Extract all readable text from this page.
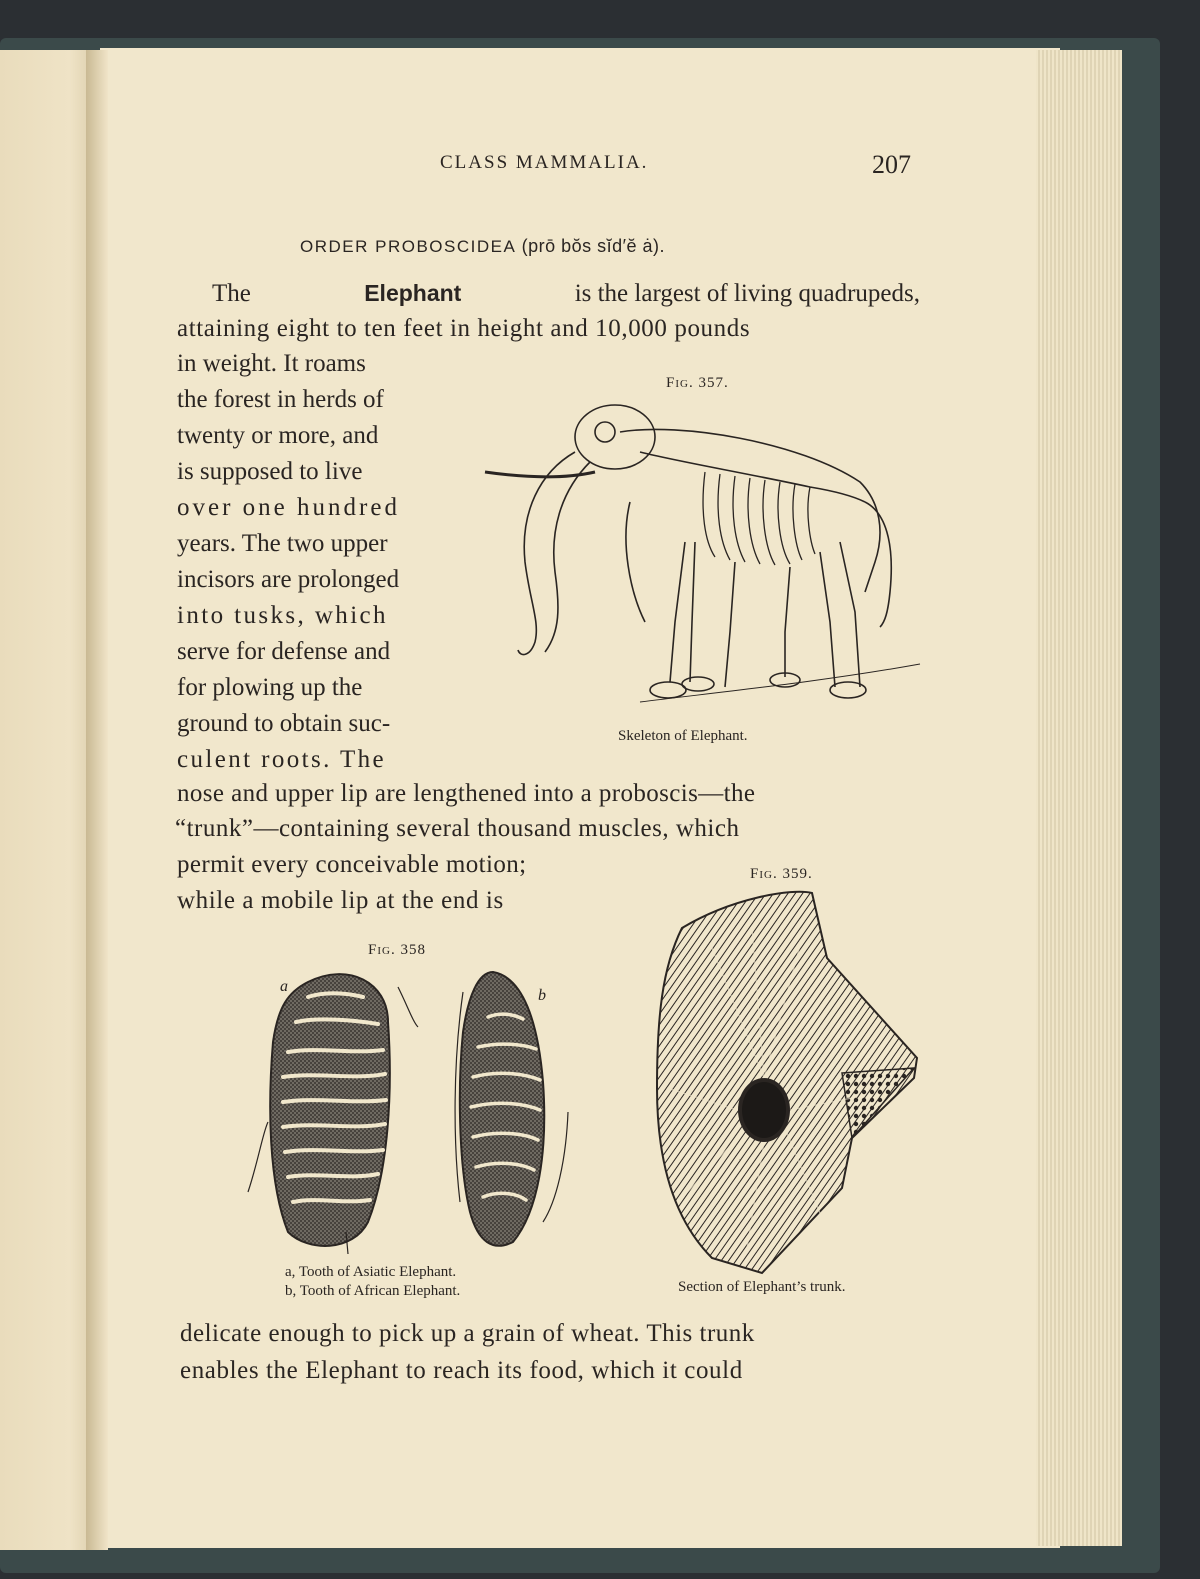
CLASS MAMMALIA.	207
ORDER PROBOSCIDEA (prō bŏs sĭd′ĕ ȧ).
The	Elephant	is the largest of living quadrupeds,
attaining eight to ten feet in height and 10,000 pounds
in weight. It roams
the forest in herds of
twenty or more, and
is supposed to live
over one hundred
years. The two upper
incisors are prolonged
into tusks, which
serve for defense and
for plowing up the
ground to obtain suc-
culent roots. The
nose and upper lip are lengthened into a proboscis—the
“trunk”—containing several thousand muscles, which
permit every conceivable motion;
while a mobile lip at the end is
delicate enough to pick up a grain of wheat. This trunk
enables the Elephant to reach its food, which it could
Fig. 357.
Skeleton of Elephant.
Fig. 359.
Section of Elephant’s trunk.
Fig. 358
a
b
a, Tooth of Asiatic Elephant.
b, Tooth of African Elephant.
